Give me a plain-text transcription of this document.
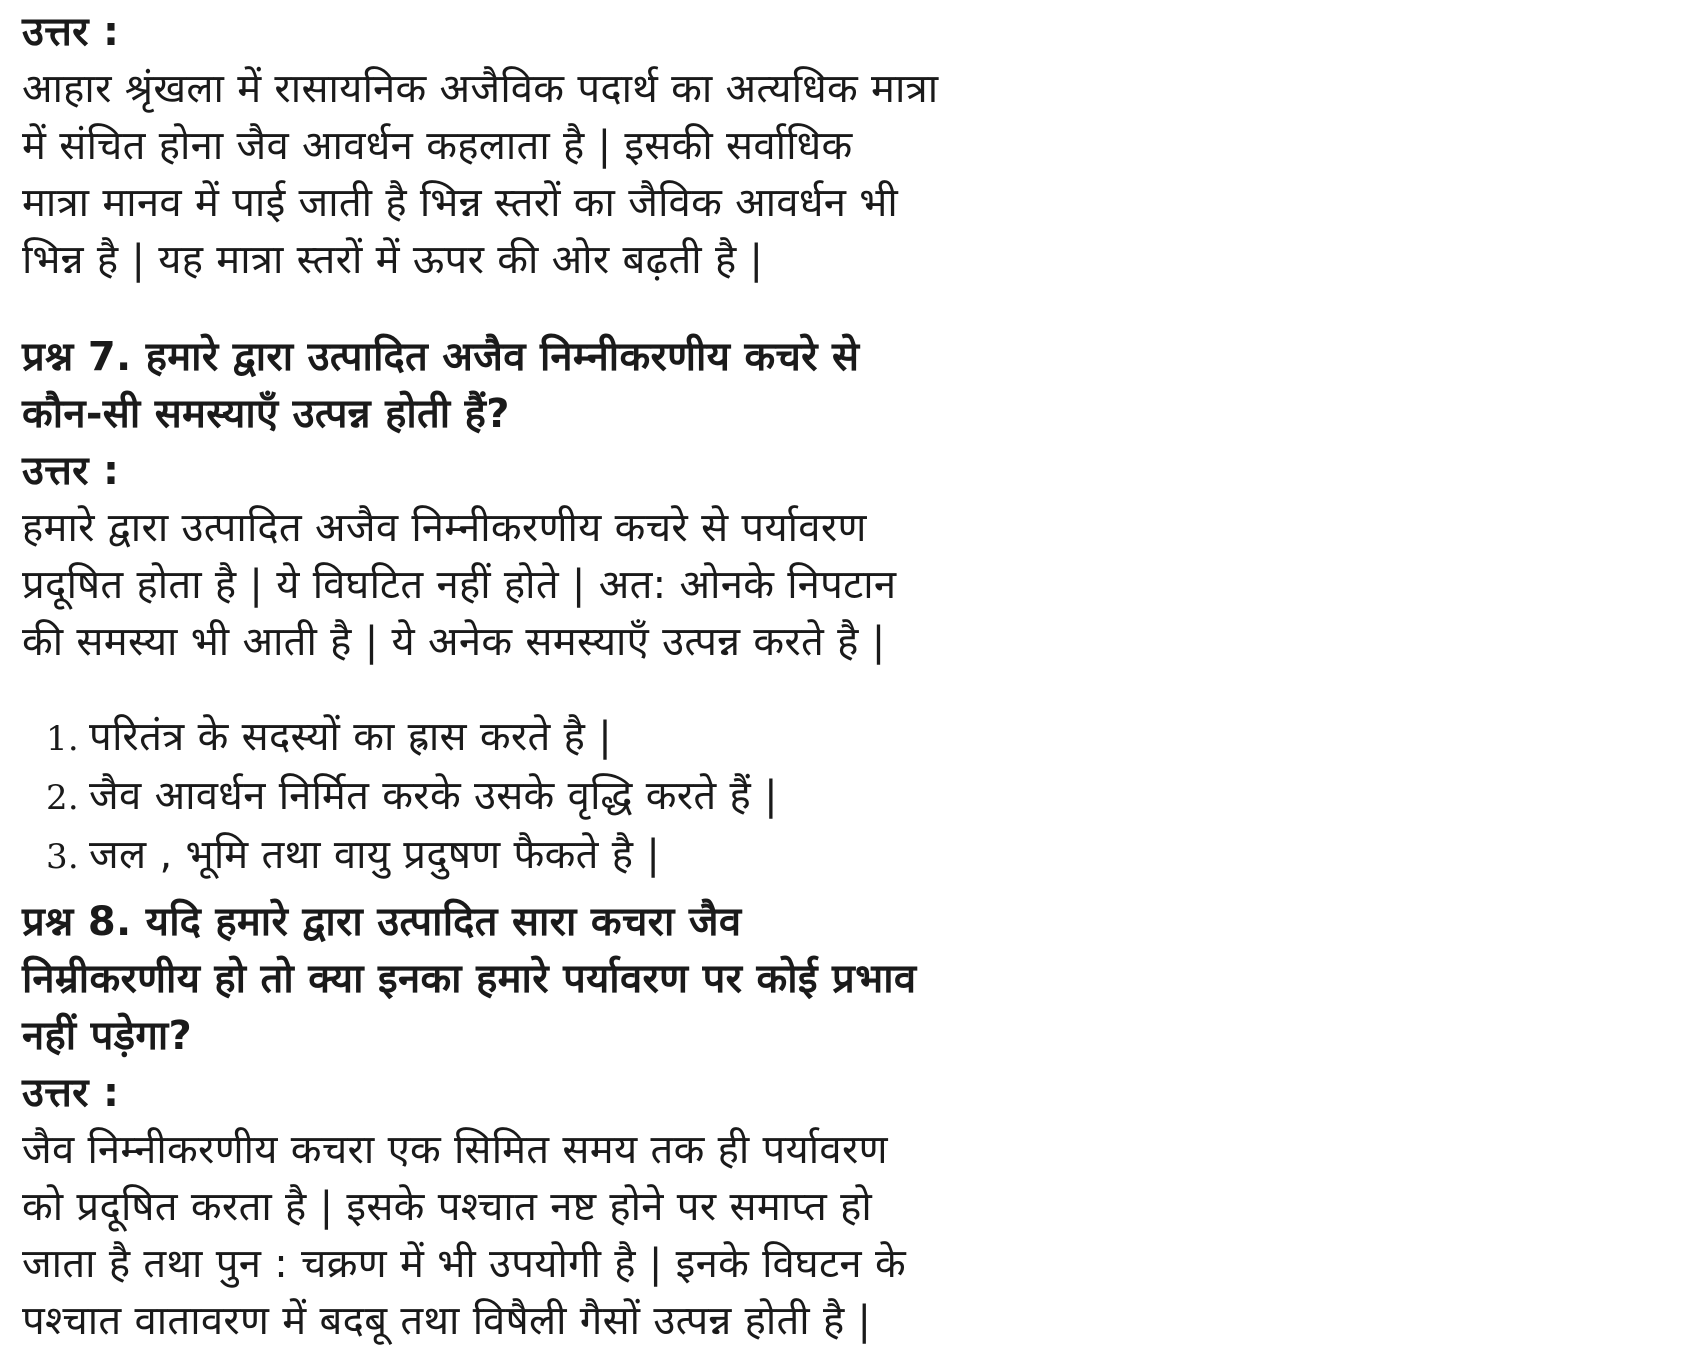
उत्तर :
आहार श्रृंखला में रासायनिक अजैविक पदार्थ का अत्यधिक मात्रा
में संचित होना जैव आवर्धन कहलाता है | इसकी सर्वाधिक
मात्रा मानव में पाई जाती है भिन्न स्तरों का जैविक आवर्धन भी
भिन्न है | यह मात्रा स्तरों में ऊपर की ओर बढ़ती है |
प्रश्न 7. हमारे द्वारा उत्पादित अजैव निम्नीकरणीय कचरे से
कौन-सी समस्याएँ उत्पन्न होती हैं?
उत्तर :
हमारे द्वारा उत्पादित अजैव निम्नीकरणीय कचरे से पर्यावरण
प्रदूषित होता है | ये विघटित नहीं होते | अत: ओनके निपटान
की समस्या भी आती है | ये अनेक समस्याएँ उत्पन्न करते है |
1. परितंत्र के सदस्यों का ह्रास करते है |
2. जैव आवर्धन निर्मित करके उसके वृद्धि करते हैं |
3. जल , भूमि तथा वायु प्रदुषण फैकते है |
प्रश्न 8. यदि हमारे द्वारा उत्पादित सारा कचरा जैव
निम्रीकरणीय हो तो क्या इनका हमारे पर्यावरण पर कोई प्रभाव
नहीं पड़ेगा?
उत्तर :
जैव निम्नीकरणीय कचरा एक सिमित समय तक ही पर्यावरण
को प्रदूषित करता है | इसके पश्चात नष्ट होने पर समाप्त हो
जाता है तथा पुन : चक्रण में भी उपयोगी है | इनके विघटन के
पश्चात वातावरण में बदबू तथा विषैली गैसों उत्पन्न होती है |
